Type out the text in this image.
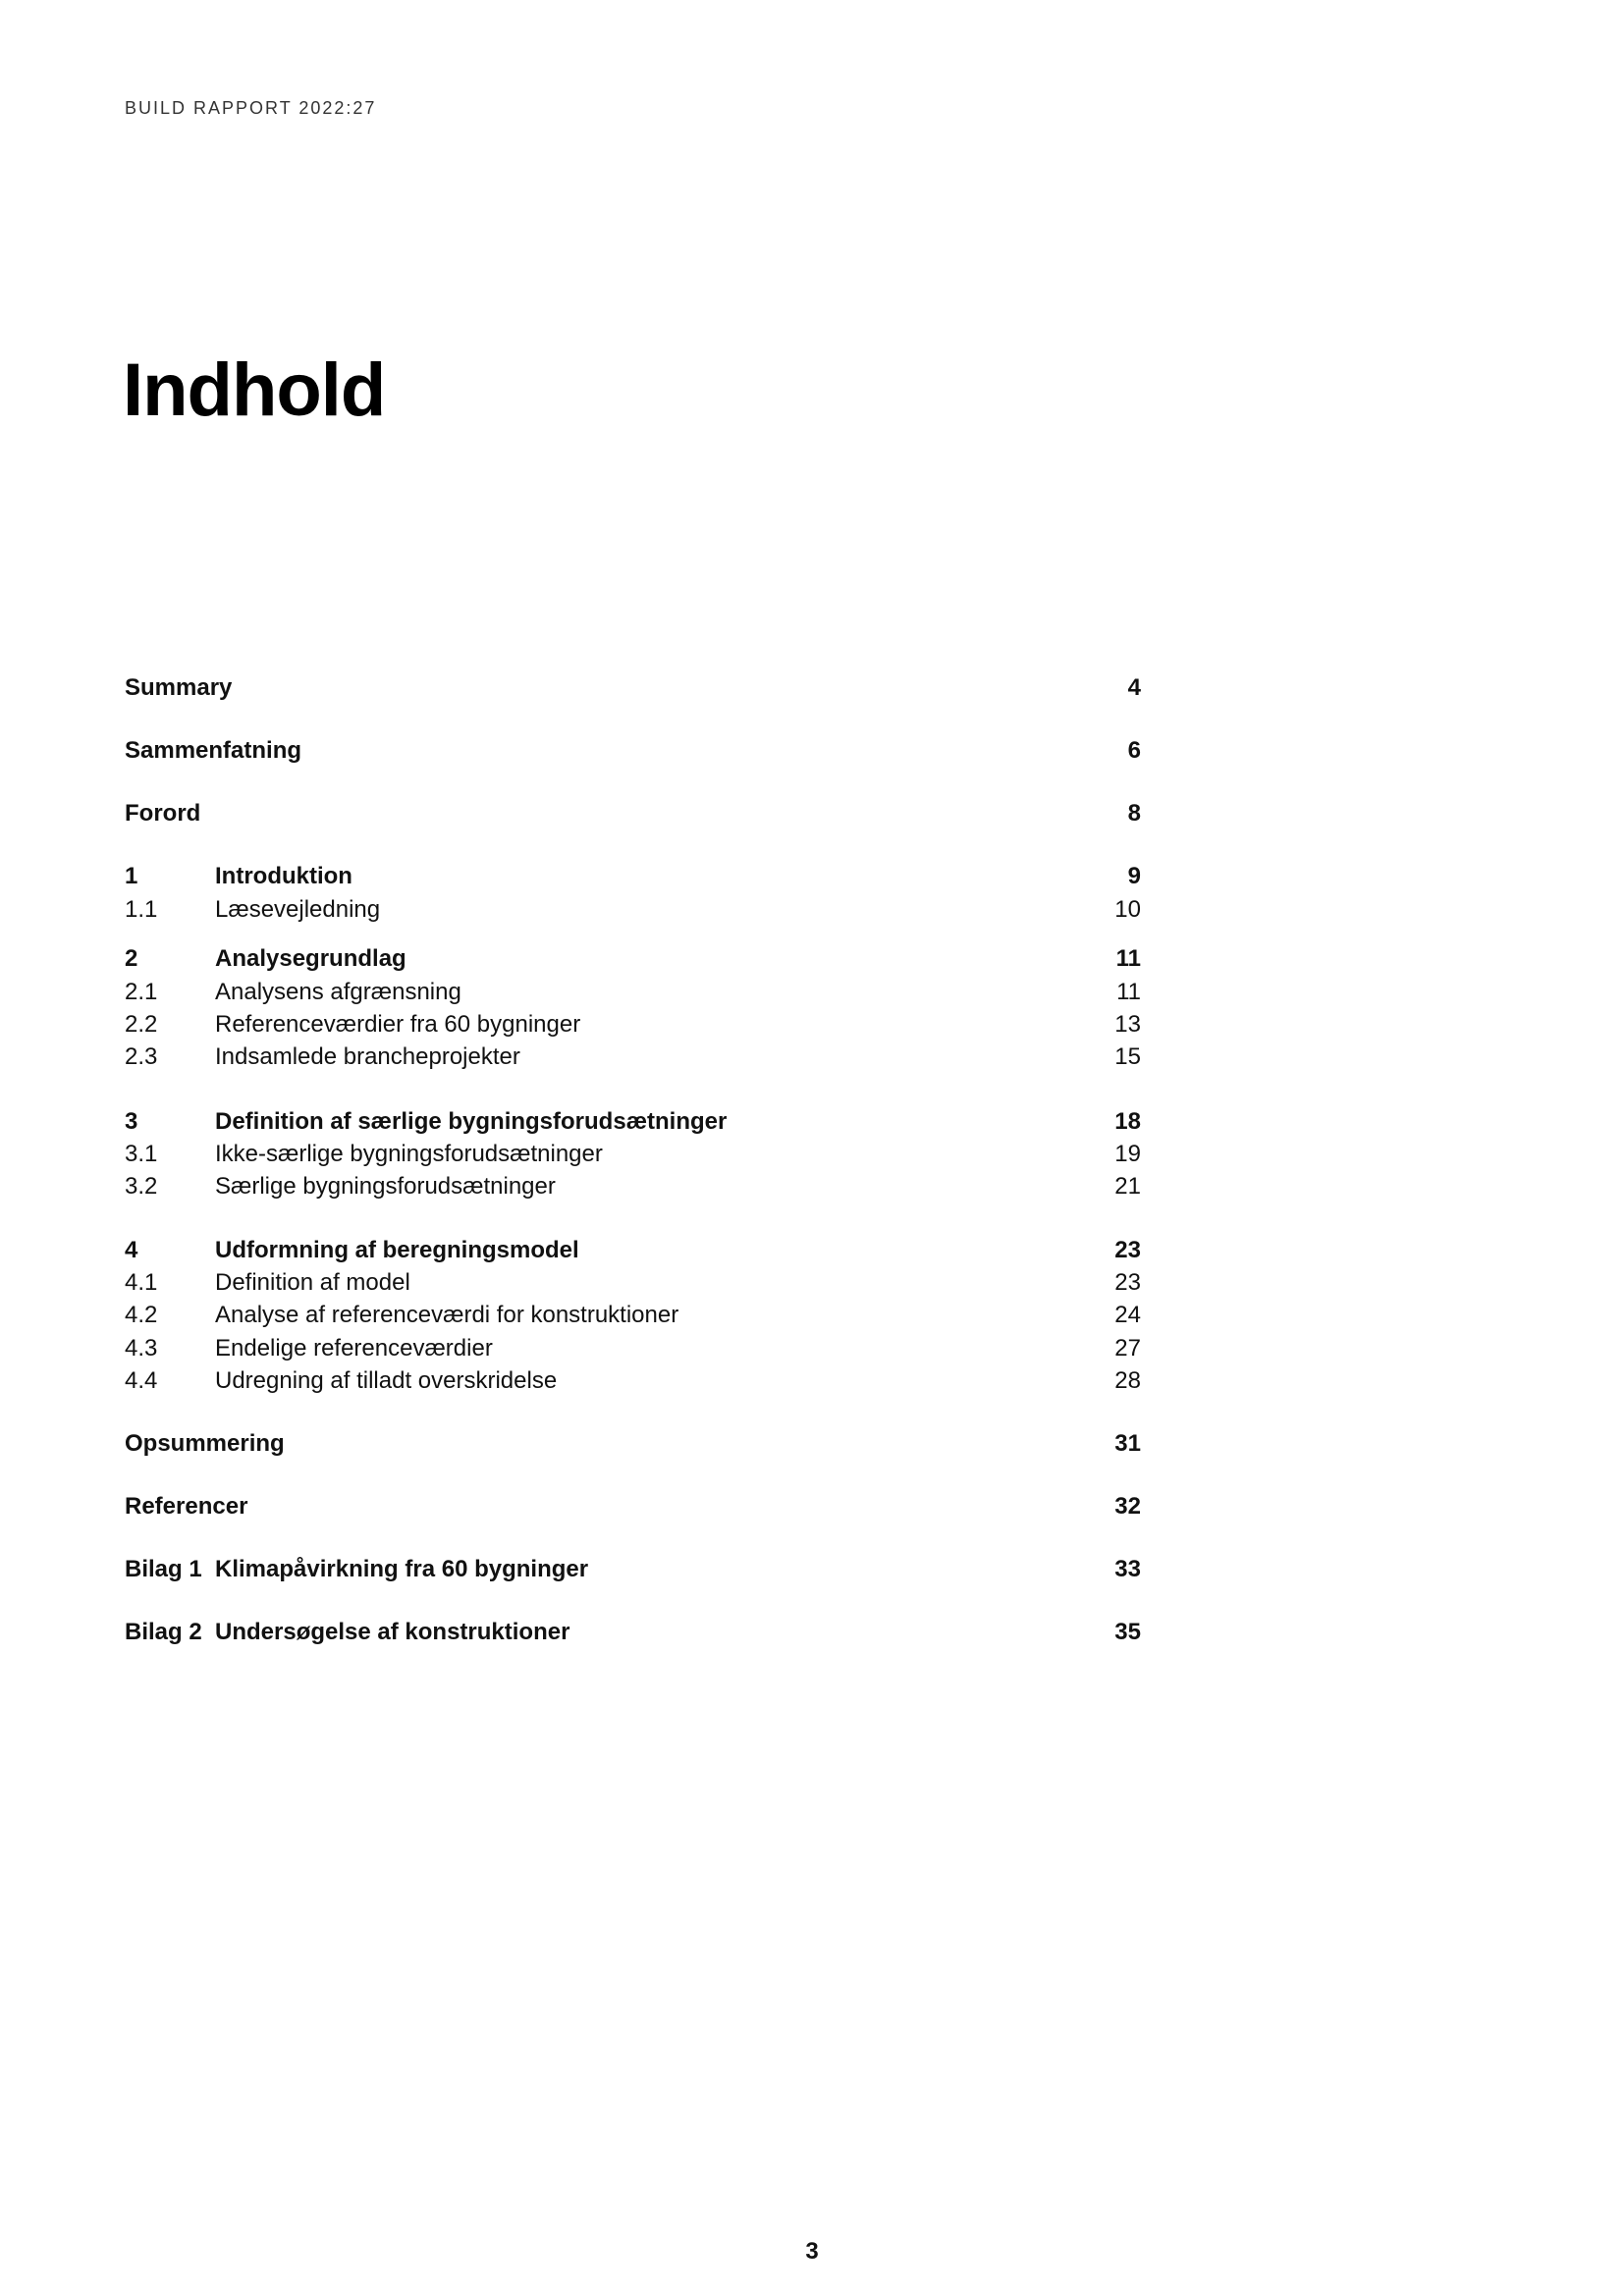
BUILD RAPPORT 2022:27
Indhold
Summary	4
Sammenfatning	6
Forord	8
1	Introduktion	9
1.1 Læsevejledning	10
2	Analysegrundlag	11
2.1 Analysens afgrænsning	11
2.2 Referenceværdier fra 60 bygninger	13
2.3 Indsamlede brancheprojekter	15
3	Definition af særlige bygningsforudsætninger	18
3.1 Ikke-særlige bygningsforudsætninger	19
3.2 Særlige bygningsforudsætninger	21
4	Udformning af beregningsmodel	23
4.1 Definition af model	23
4.2 Analyse af referenceværdi for konstruktioner	24
4.3 Endelige referenceværdier	27
4.4 Udregning af tilladt overskridelse	28
Opsummering	31
Referencer	32
Bilag 1 Klimapåvirkning fra 60 bygninger	33
Bilag 2 Undersøgelse af konstruktioner	35
3
